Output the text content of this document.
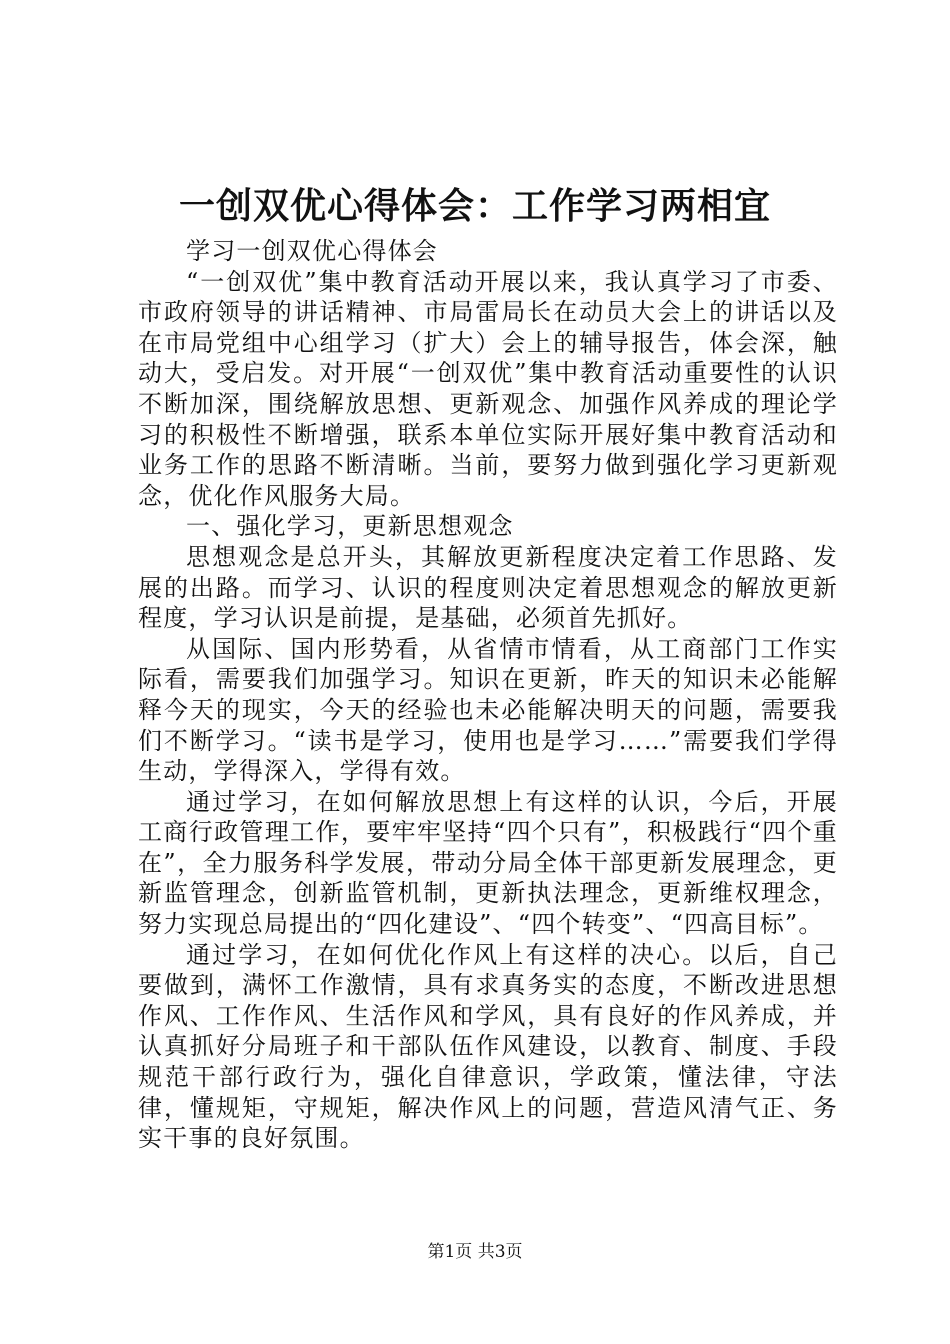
一创双优心得体会：工作学习两相宜

学习一创双优心得体会

“一创双优”集中教育活动开展以来，我认真学习了市委、市政府领导的讲话精神、市局雷局长在动员大会上的讲话以及在市局党组中心组学习（扩大）会上的辅导报告，体会深，触动大，受启发。对开展“一创双优”集中教育活动重要性的认识不断加深，围绕解放思想、更新观念、加强作风养成的理论学习的积极性不断增强，联系本单位实际开展好集中教育活动和业务工作的思路不断清晰。当前，要努力做到强化学习更新观念，优化作风服务大局。

一、强化学习，更新思想观念

思想观念是总开头，其解放更新程度决定着工作思路、发展的出路。而学习、认识的程度则决定着思想观念的解放更新程度，学习认识是前提，是基础，必须首先抓好。

从国际、国内形势看，从省情市情看，从工商部门工作实际看，需要我们加强学习。知识在更新，昨天的知识未必能解释今天的现实，今天的经验也未必能解决明天的问题，需要我们不断学习。“读书是学习，使用也是学习……”需要我们学得生动，学得深入，学得有效。

通过学习，在如何解放思想上有这样的认识，今后，开展工商行政管理工作，要牢牢坚持“四个只有”，积极践行“四个重在”，全力服务科学发展，带动分局全体干部更新发展理念，更新监管理念，创新监管机制，更新执法理念，更新维权理念，努力实现总局提出的“四化建设”、“四个转变”、“四高目标”。

通过学习，在如何优化作风上有这样的决心。以后，自己要做到，满怀工作激情，具有求真务实的态度，不断改进思想作风、工作作风、生活作风和学风，具有良好的作风养成，并认真抓好分局班子和干部队伍作风建设，以教育、制度、手段规范干部行政行为，强化自律意识，学政策，懂法律，守法律，懂规矩，守规矩，解决作风上的问题，营造风清气正、务实干事的良好氛围。

第1页 共3页
